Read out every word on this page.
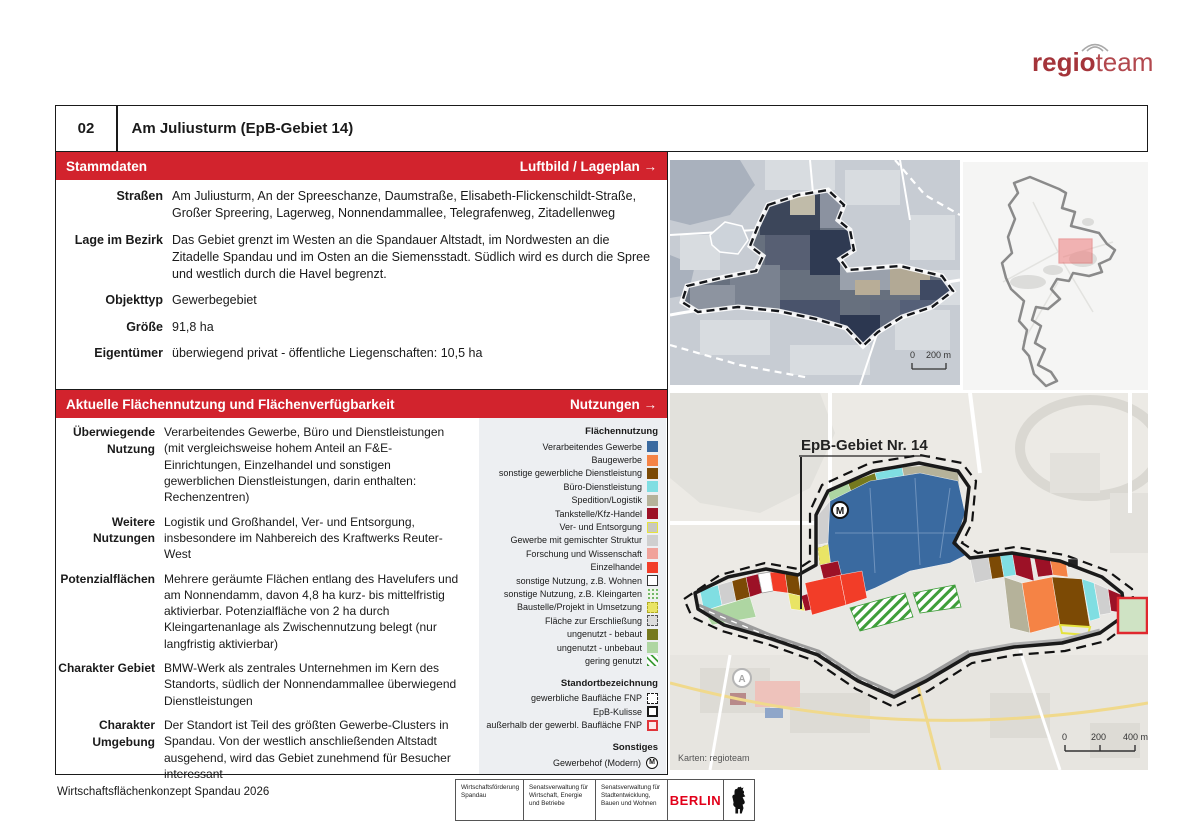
regioteam
02	Am Juliusturm (EpB-Gebiet 14)
Stammdaten	Luftbild / Lageplan →
Straßen Am Juliusturm, An der Spreeschanze, Daumstraße, Elisabeth-Flickenschildt-Straße, Großer Spreering, Lagerweg, Nonnendammallee, Telegrafenweg, Zitadellenweg
Lage im Bezirk Das Gebiet grenzt im Westen an die Spandauer Altstadt, im Nordwesten an die Zitadelle Spandau und im Osten an die Siemensstadt. Südlich wird es durch die Spree und westlich durch die Havel begrenzt.
Objekttyp Gewerbegebiet
Größe 91,8 ha
Eigentümer überwiegend privat - öffentliche Liegenschaften: 10,5 ha
Aktuelle Flächennutzung und Flächenverfügbarkeit	Nutzungen →
Überwiegende Nutzung
Verarbeitendes Gewerbe, Büro und Dienstleistungen (mit vergleichsweise hohem Anteil an F&E-Einrichtungen, Einzelhandel und sonstigen gewerblichen Dienstleistungen, darin enthalten: Rechenzentren)
Weitere Nutzungen
Logistik und Großhandel, Ver- und Entsorgung, insbesondere im Nahbereich des Kraftwerks Reuter-West
Potenzialflächen Mehrere geräumte Flächen entlang des Havelufers und am Nonnendamm, davon 4,8 ha kurz- bis mittelfristig aktivierbar. Potenzialfläche von 2 ha durch Kleingartenanlage als Zwischennutzung belegt (nur langfristig aktivierbar)
Charakter Gebiet BMW-Werk als zentrales Unternehmen im Kern des Standorts, südlich der Nonnendammallee überwiegend Dienstleistungen
Charakter Umgebung
Der Standort ist Teil des größten Gewerbe-Clusters in Spandau. Von der westlich anschließenden Altstadt ausgehend, wird das Gebiet zunehmend für Besucher interessant
Flächennutzung
Verarbeitendes Gewerbe
Baugewerbe
sonstige gewerbliche Dienstleistung
Büro-Dienstleistung
Spedition/Logistik
Tankstelle/Kfz-Handel
Ver- und Entsorgung
Gewerbe mit gemischter Struktur
Forschung und Wissenschaft
Einzelhandel
sonstige Nutzung, z.B. Wohnen
sonstige Nutzung, z.B. Kleingarten
Baustelle/Projekt in Umsetzung
Fläche zur Erschließung
ungenutzt - bebaut
ungenutzt - unbebaut
gering genutzt
Standortbezeichnung
gewerbliche Baufläche FNP
EpB-Kulisse
außerhalb der gewerbl. Baufläche FNP
Sonstiges
Gewerbehof (Modern)	M
0 200 m
A
EpB-Gebiet Nr. 14
M
0	200 400 m
Karten: regioteam
Wirtschaftsflächenkonzept Spandau 2026	Wirtschaftsförderung Spandau
Senatsverwaltung für Wirtschaft, Energie und Betriebe
Senatsverwaltung für Stadtentwicklung, Bauen und Wohnen	BERLIN
